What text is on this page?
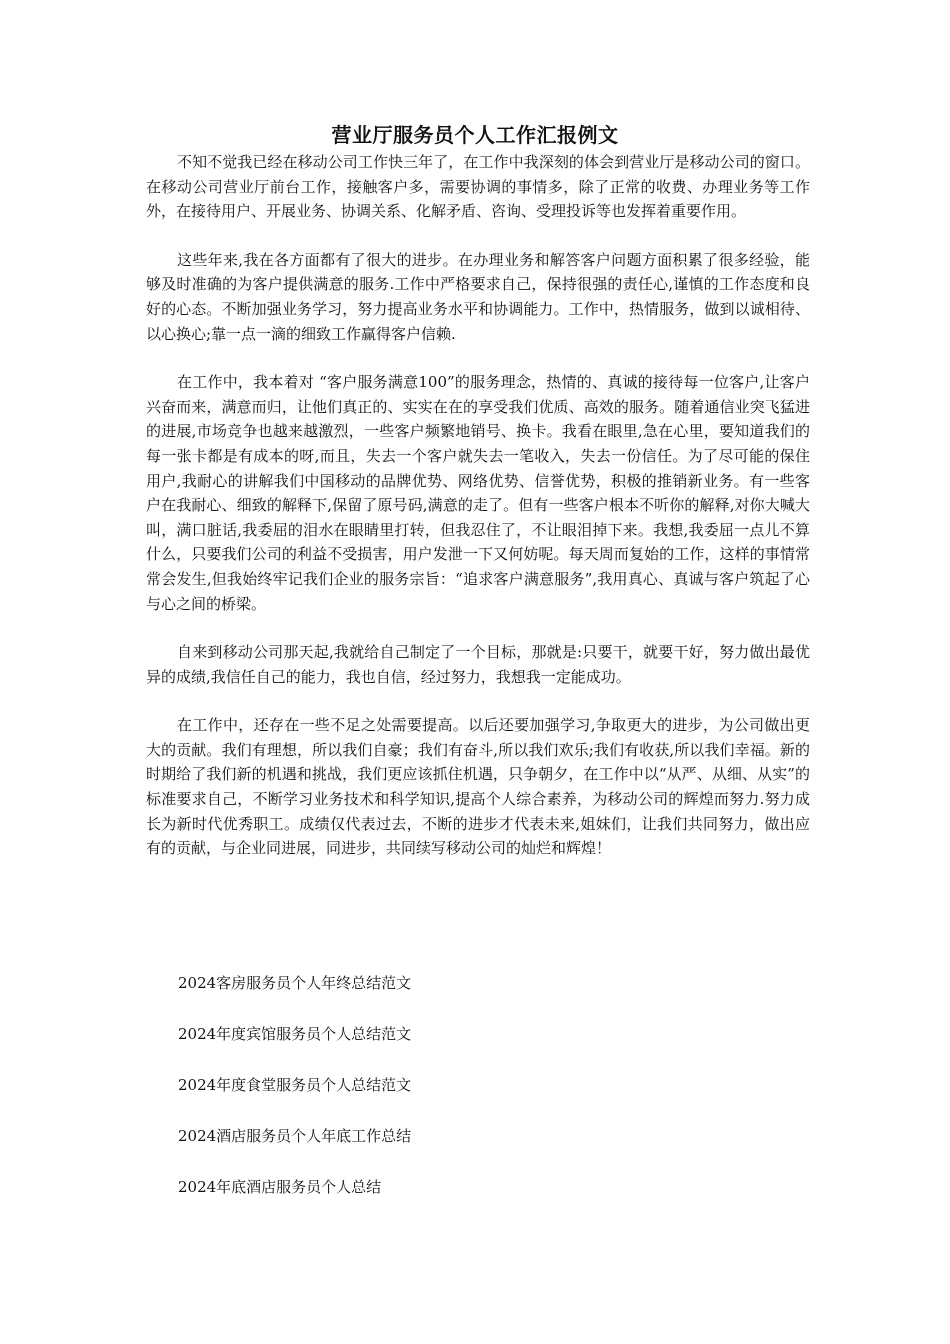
营业厅服务员个人工作汇报例文

不知不觉我已经在移动公司工作快三年了，在工作中我深刻的体会到营业厅是移动公司的窗口。在移动公司营业厅前台工作，接触客户多，需要协调的事情多，除了正常的收费、办理业务等工作外，在接待用户、开展业务、协调关系、化解矛盾、咨询、受理投诉等也发挥着重要作用。

这些年来,我在各方面都有了很大的进步。在办理业务和解答客户问题方面积累了很多经验，能够及时准确的为客户提供满意的服务.工作中严格要求自己，保持很强的责任心,谨慎的工作态度和良好的心态。不断加强业务学习，努力提高业务水平和协调能力。工作中，热情服务，做到以诚相待、以心换心;靠一点一滴的细致工作赢得客户信赖.

在工作中，我本着对 “客户服务满意100”的服务理念，热情的、真诚的接待每一位客户,让客户兴奋而来，满意而归，让他们真正的、实实在在的享受我们优质、高效的服务。随着通信业突飞猛进的进展,市场竞争也越来越激烈，一些客户频繁地销号、换卡。我看在眼里,急在心里，要知道我们的每一张卡都是有成本的呀,而且，失去一个客户就失去一笔收入，失去一份信任。为了尽可能的保住用户,我耐心的讲解我们中国移动的品牌优势、网络优势、信誉优势，积极的推销新业务。有一些客户在我耐心、细致的解释下,保留了原号码,满意的走了。但有一些客户根本不听你的解释,对你大喊大叫，满口脏话,我委屈的泪水在眼睛里打转，但我忍住了，不让眼泪掉下来。我想,我委屈一点儿不算什么，只要我们公司的利益不受损害，用户发泄一下又何妨呢。每天周而复始的工作，这样的事情常常会发生,但我始终牢记我们企业的服务宗旨：“追求客户满意服务”,我用真心、真诚与客户筑起了心与心之间的桥梁。

自来到移动公司那天起,我就给自己制定了一个目标，那就是:只要干，就要干好，努力做出最优异的成绩,我信任自己的能力，我也自信，经过努力，我想我一定能成功。

在工作中，还存在一些不足之处需要提高。以后还要加强学习,争取更大的进步，为公司做出更大的贡献。我们有理想，所以我们自豪；我们有奋斗,所以我们欢乐;我们有收获,所以我们幸福。新的时期给了我们新的机遇和挑战，我们更应该抓住机遇，只争朝夕，在工作中以“从严、从细、从实”的标准要求自己，不断学习业务技术和科学知识,提高个人综合素养，为移动公司的辉煌而努力.努力成长为新时代优秀职工。成绩仅代表过去，不断的进步才代表未来,姐妹们，让我们共同努力，做出应有的贡献，与企业同进展，同进步，共同续写移动公司的灿烂和辉煌！

2024客房服务员个人年终总结范文
2024年度宾馆服务员个人总结范文
2024年度食堂服务员个人总结范文
2024酒店服务员个人年底工作总结
2024年底酒店服务员个人总结
